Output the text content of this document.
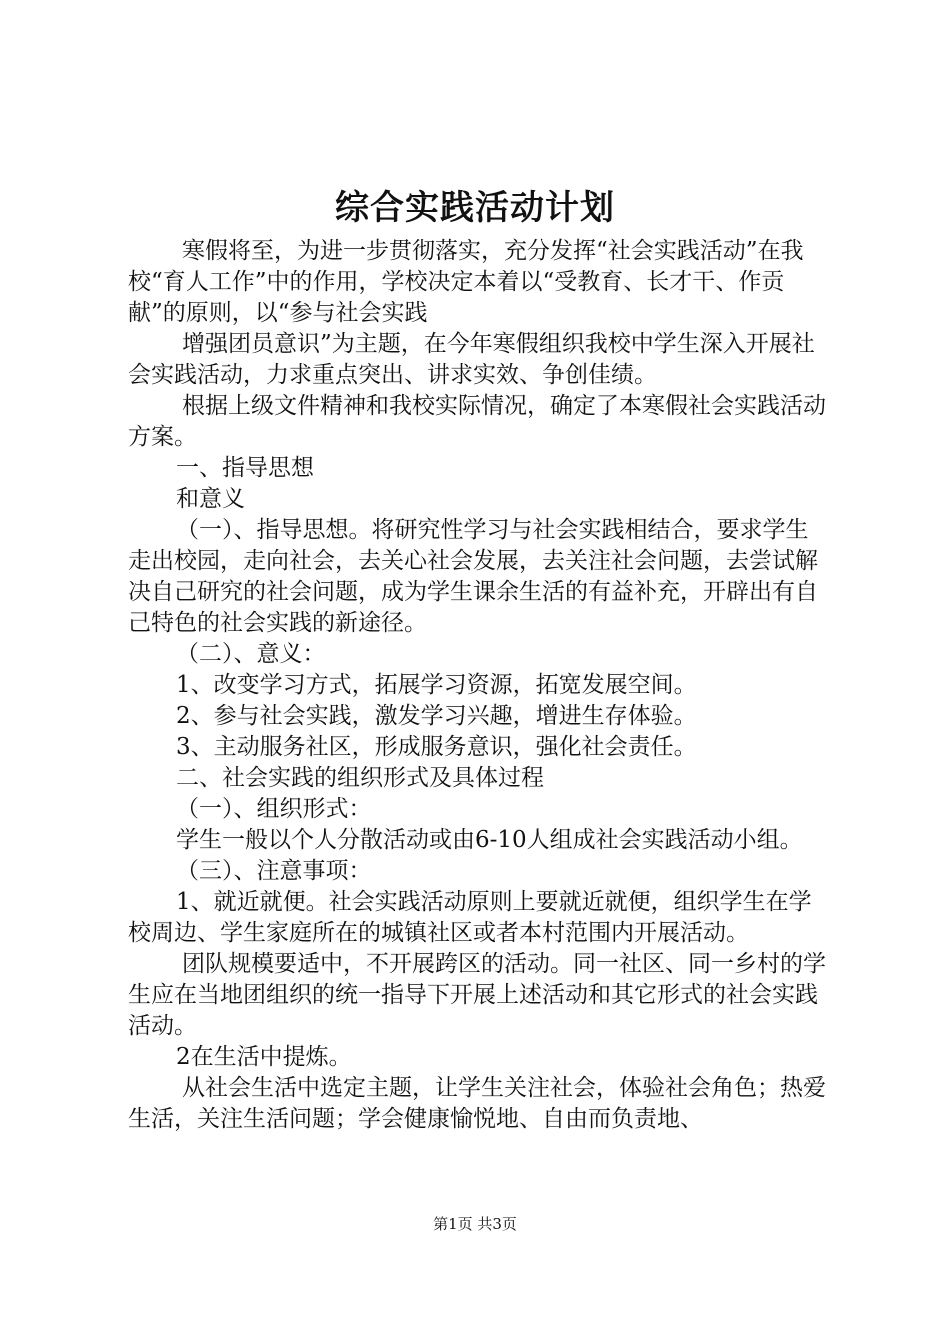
综合实践活动计划

寒假将至，为进一步贯彻落实，充分发挥“社会实践活动”在我校“育人工作”中的作用，学校决定本着以“受教育、长才干、作贡献”的原则，以“参与社会实践

增强团员意识”为主题，在今年寒假组织我校中学生深入开展社会实践活动，力求重点突出、讲求实效、争创佳绩。

根据上级文件精神和我校实际情况，确定了本寒假社会实践活动方案。

一、指导思想

和意义

（一）、指导思想。将研究性学习与社会实践相结合，要求学生走出校园，走向社会，去关心社会发展，去关注社会问题，去尝试解决自己研究的社会问题，成为学生课余生活的有益补充，开辟出有自己特色的社会实践的新途径。

（二）、意义：

1、改变学习方式，拓展学习资源，拓宽发展空间。

2、参与社会实践，激发学习兴趣，增进生存体验。

3、主动服务社区，形成服务意识，强化社会责任。

二、社会实践的组织形式及具体过程

（一）、组织形式：

学生一般以个人分散活动或由6-10人组成社会实践活动小组。

（三）、注意事项：

1、就近就便。社会实践活动原则上要就近就便，组织学生在学校周边、学生家庭所在的城镇社区或者本村范围内开展活动。

团队规模要适中，不开展跨区的活动。同一社区、同一乡村的学生应在当地团组织的统一指导下开展上述活动和其它形式的社会实践活动。

2在生活中提炼。

从社会生活中选定主题，让学生关注社会，体验社会角色；热爱生活，关注生活问题；学会健康愉悦地、自由而负责地、

第1页 共3页
